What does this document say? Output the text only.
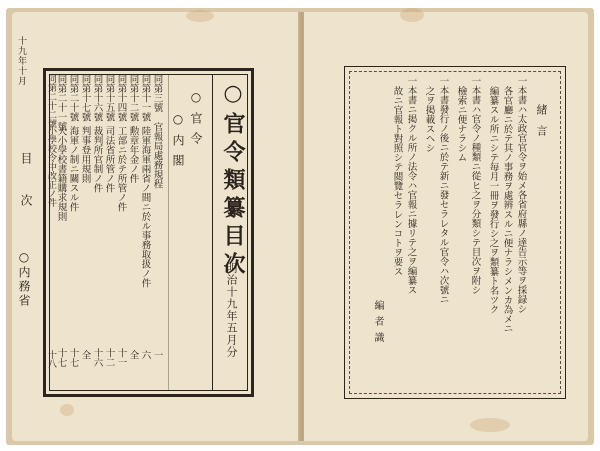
十九年十月
目 次
○内務省	○官令類纂目次
明治十九年五月分
○官令
○内閣
同第三號
官報局處務規程
一
同第十一號
陸軍海軍兩省ノ間ニ於ル事務取扱ノ件
六
同第十二號
勲章年金ノ件
全
同第十四號
工部ニ於テ所管ノ件
十一
同第十五號
司法省所管ノ件
十二
同第十六號
裁判所官制ノ件
十六
同第十七號
判事登用規則
全
同第二十號
海軍ノ制ニ關スル件
十七
同第二十一號
大小學校書籍購求規則
十七
同第二十二號
小學校令中改正ノ件
十八
緒言
一本書ハ太政官官令ヲ始メ各省府縣ノ達告示等ヲ採録シ
各官廳ニ於テ其ノ事務ヲ處辨スルニ便ナラシメンカ為メニ
編纂スル所ニシテ毎月一冊ヲ發行シ之ヲ類纂ト名ツク
一本書ハ官令ノ種類ニ從ヒ之ヲ分類シテ目次ヲ附シ
檢索ニ便ナラシム
一本書發行ノ後ニ於テ新ニ發セラレタル官令ハ次號ニ
之ヲ掲載スヘシ
一本書ニ掲クル所ノ法令ハ官報ニ據リテ之ヲ編纂ス
故ニ官報ト對照シテ閲覽セラレンコトヲ要ス
編者識
